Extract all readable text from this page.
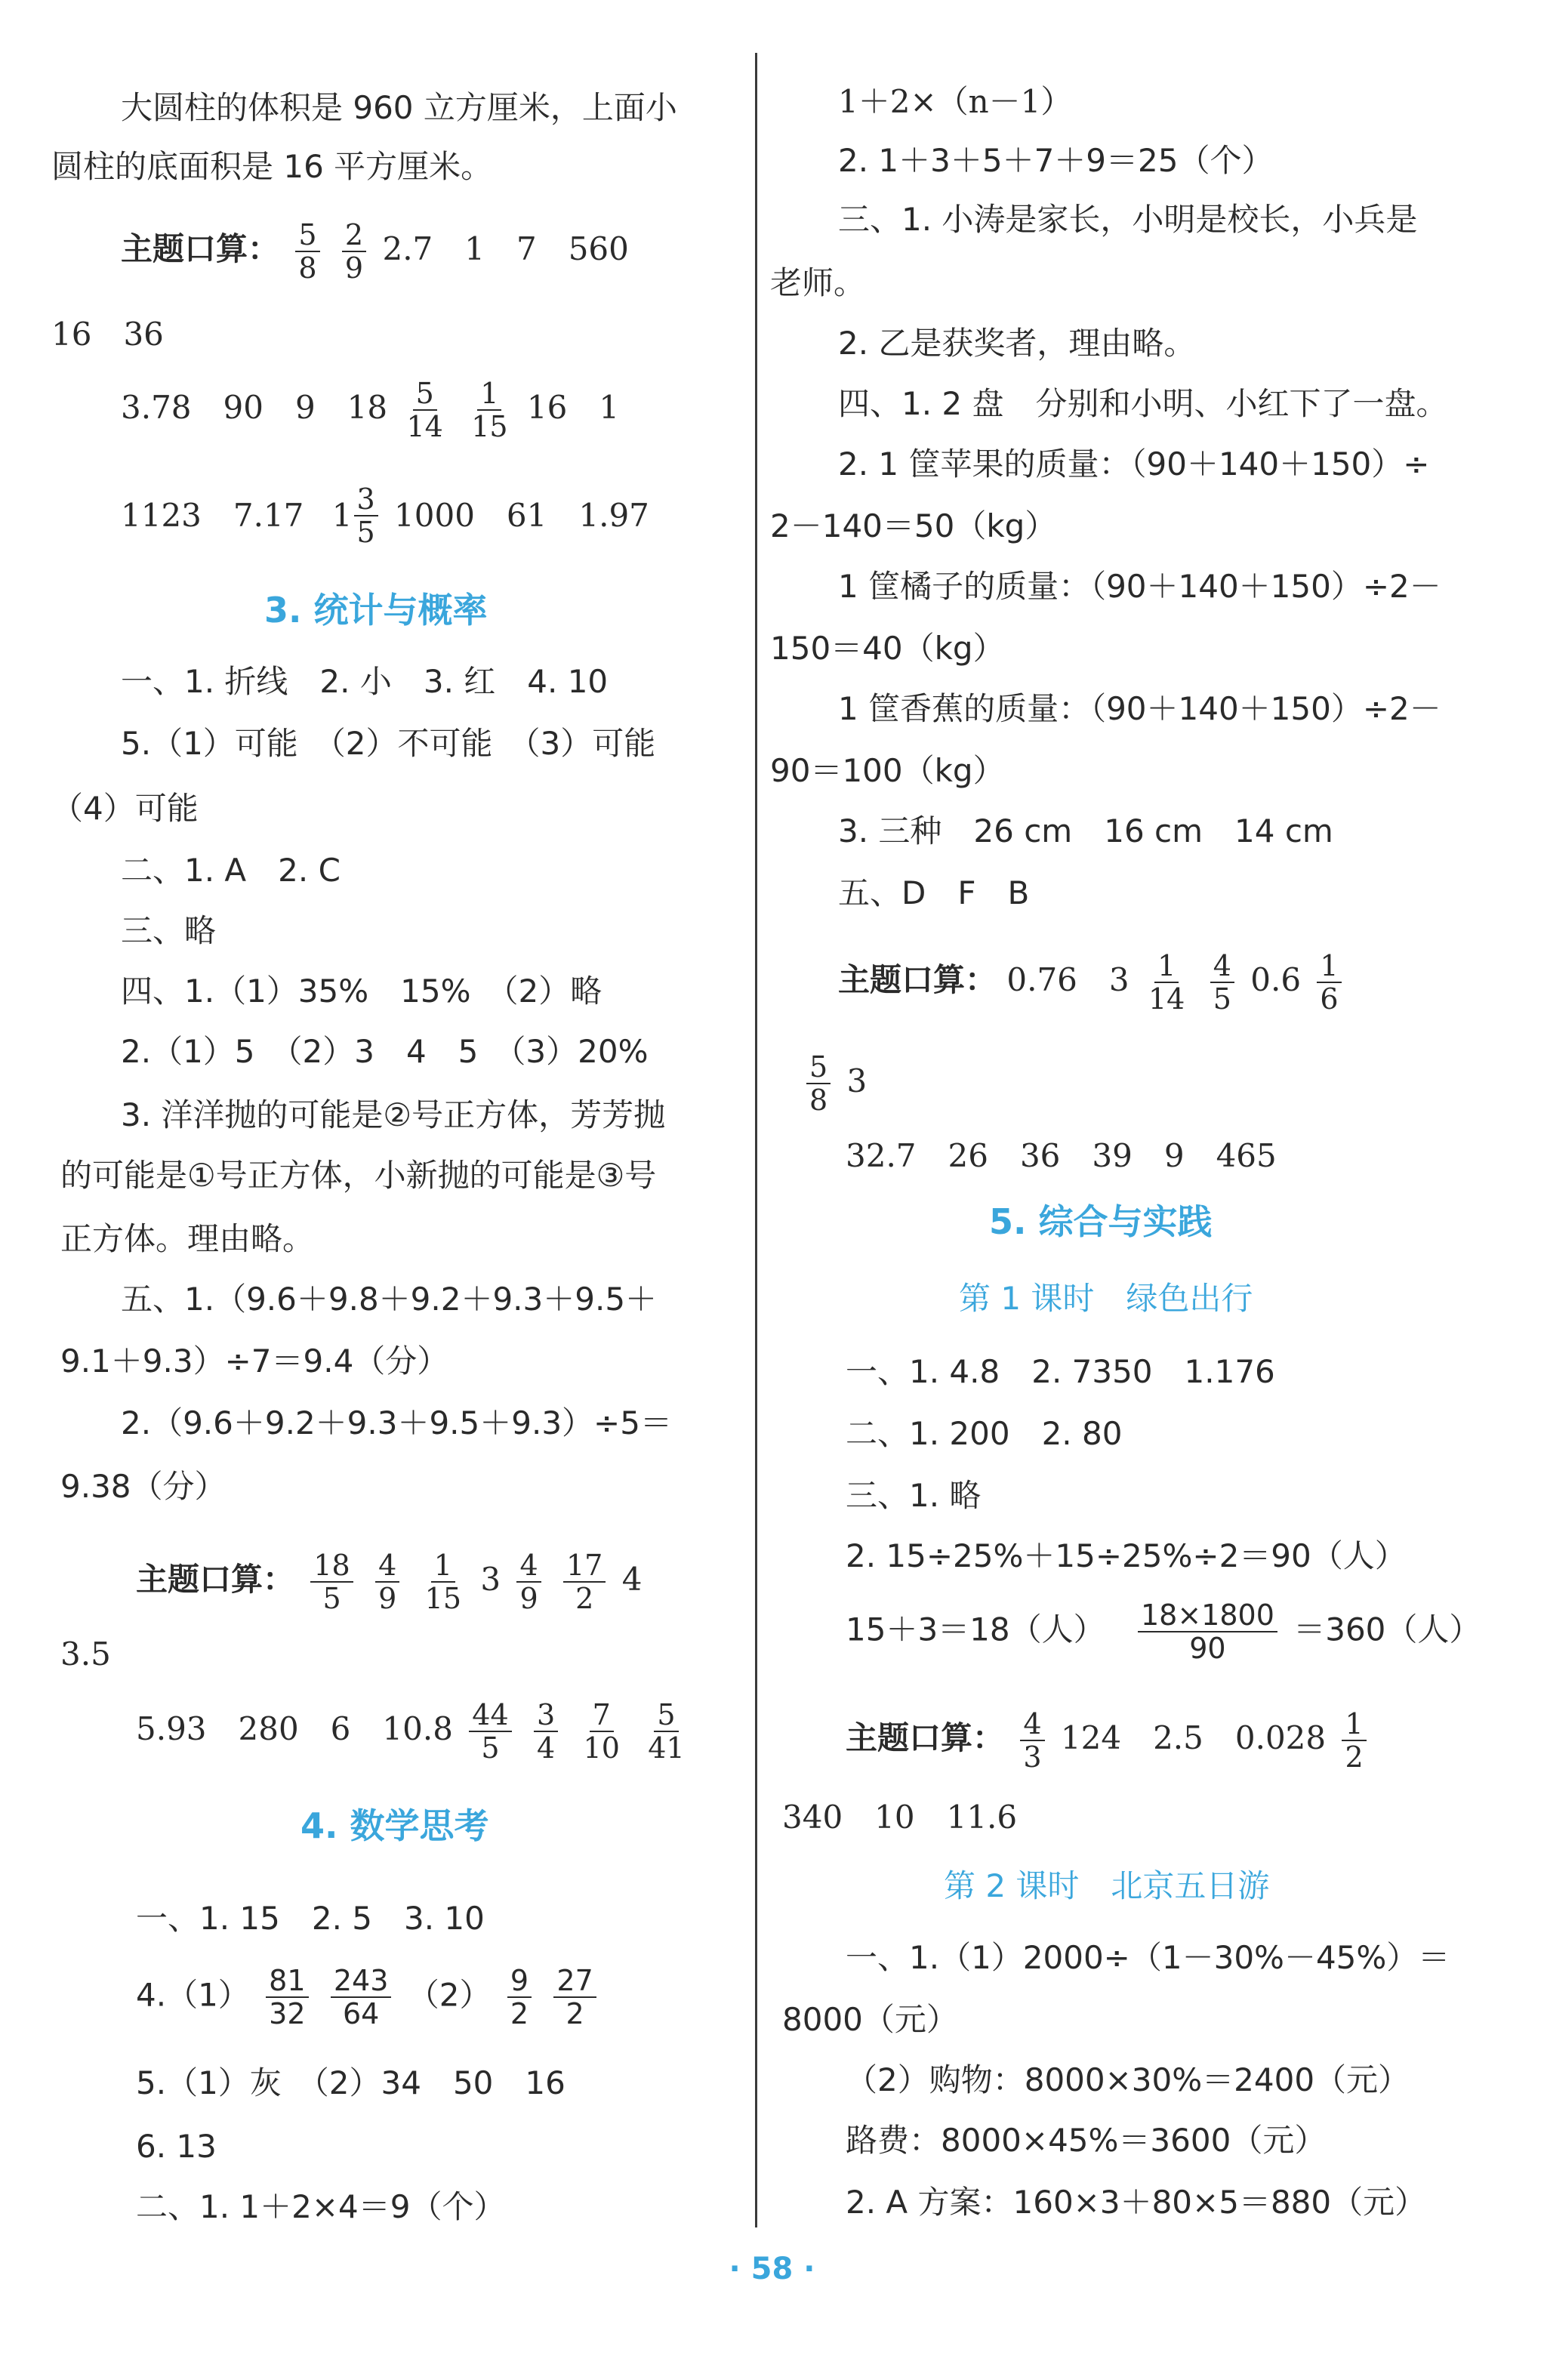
大圆柱的体积是 960 立方厘米，上面小
圆柱的底面积是 16 平方厘米。
主题口算： $\frac{5}{8}$
$\frac{2}{9} 2.7$　1　7　560
16　36
3.78　90　9　$18 \frac{5}{14}$
$\frac{1}{15} 16$　1
1123　7.17 $1 \frac{3}{5} 1000$　61　1.97
3. 统计与概率
一、1. 折线　2. 小　3. 红　4. 10
5.（1）可能　（2）不可能　（3）可能
（4）可能
二、1. A　2. C
三、略
四、1.（1）35%　15%　（2）略
2.（1）5　（2）3　4　5　（3）20%
3. 洋洋抛的可能是②号正方体，芳芳抛
的可能是①号正方体，小新抛的可能是③号
正方体。理由略。
五、1.（9.6＋9.8＋9.2＋9.3＋9.5＋
9.1＋9.3）÷7＝9.4（分）
2.（9.6＋9.2＋9.3＋9.5＋9.3）÷5＝
9.38（分）
主题口算： $\frac{18}{5}$
$\frac{4}{9}$
$\frac{1}{15} 3 \frac{4}{9}$
$\frac{17}{2} 4$
3.5
5.93　280　6　$10.8 \frac{44}{5}$
$\frac{3}{4}$
$\frac{7}{10}$
$\frac{5}{41}$
4. 数学思考
一、1. 15　2. 5　3. 10
$4.(1) \frac{81}{32}$
$\frac{243}{64} (2) \frac{9}{2}$
$\frac{27}{2}$
5.（1）灰　（2）34　50　16
6. 13
二、1. 1＋2×4＝9（个）
1＋2×（n－1）
2. 1＋3＋5＋7＋9＝25（个）
三、1. 小涛是家长，小明是校长，小兵是
老师。
2. 乙是获奖者，理由略。
四、1. 2 盘　分别和小明、小红下了一盘。
2. 1 筐苹果的质量：（90＋140＋150）÷
2－140＝50（kg）
1 筐橘子的质量：（90＋140＋150）÷2－
150＝40（kg）
1 筐香蕉的质量：（90＋140＋150）÷2－
90＝100（kg）
3. 三种　26 cm　16 cm　14 cm
五、D　F　B
主题口算： 0.76　$3 \frac{1}{14}$
$\frac{4}{5} 0.6 \frac{1}{6}$
$\frac{5}{8} 3$
32.7　26　36　39　9　465
5. 综合与实践
第 1 课时　绿色出行
一、1. 4.8　2. 7350　1.176
二、1. 200　2. 80
三、1. 略
2. 15÷25%＋15÷25%÷2＝90（人）
15＋3＝18（人） $\frac{18\times 1800}{90} =360$（人）
主题口算： $\frac{4}{3} 124$　2.5　$0.028 \frac{1}{2}$
340　10　11.6
第 2 课时　北京五日游
一、1.（1）2000÷（1－30%－45%）＝
8000（元）
（2）购物：8000×30%＝2400（元）
路费：8000×45%＝3600（元）
2. A 方案：160×3＋80×5＝880（元）
· 58 ·
